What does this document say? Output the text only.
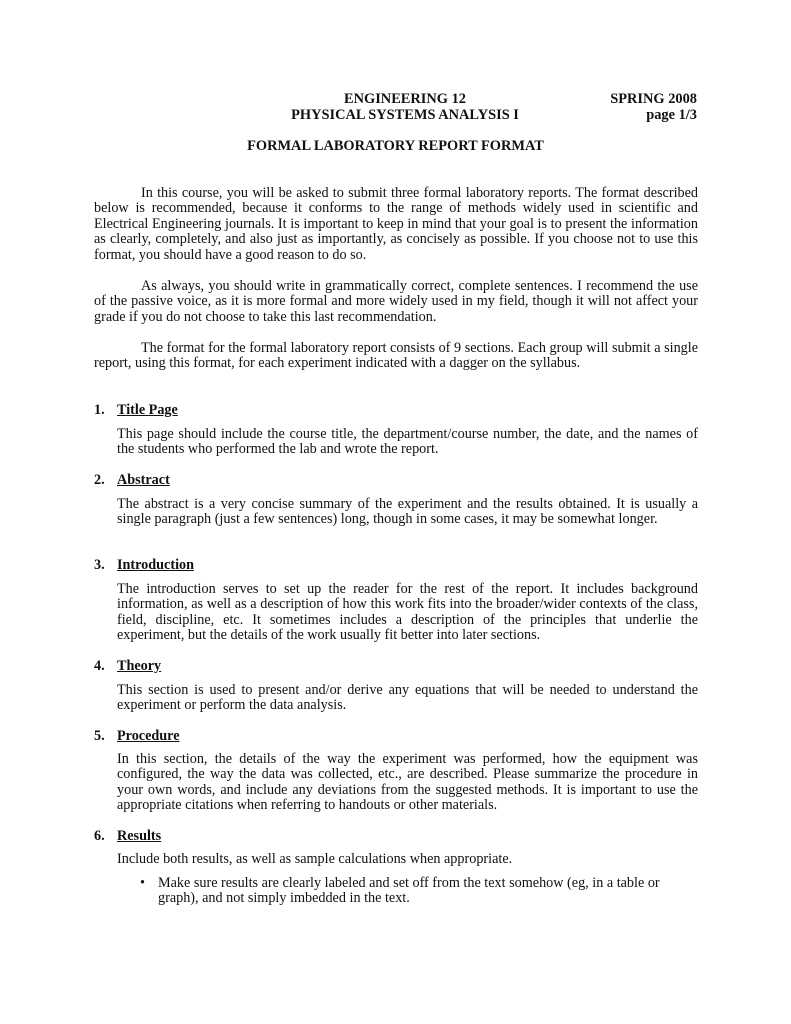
ENGINEERING 12
PHYSICAL SYSTEMS ANALYSIS I
SPRING 2008
page 1/3
FORMAL LABORATORY REPORT FORMAT

In this course, you will be asked to submit three formal laboratory reports. The format described below is recommended, because it conforms to the range of methods widely used in scientific and Electrical Engineering journals. It is important to keep in mind that your goal is to present the information as clearly, completely, and also just as importantly, as concisely as possible. If you choose not to use this format, you should have a good reason to do so.

As always, you should write in grammatically correct, complete sentences. I recommend the use of the passive voice, as it is more formal and more widely used in my field, though it will not affect your grade if you do not choose to take this last recommendation.

The format for the formal laboratory report consists of 9 sections. Each group will submit a single report, using this format, for each experiment indicated with a dagger on the syllabus.

1. Title Page

This page should include the course title, the department/course number, the date, and the names of the students who performed the lab and wrote the report.

2. Abstract

The abstract is a very concise summary of the experiment and the results obtained. It is usually a single paragraph (just a few sentences) long, though in some cases, it may be somewhat longer.

3. Introduction

The introduction serves to set up the reader for the rest of the report. It includes background information, as well as a description of how this work fits into the broader/wider contexts of the class, field, discipline, etc. It sometimes includes a description of the principles that underlie the experiment, but the details of the work usually fit better into later sections.

4. Theory

This section is used to present and/or derive any equations that will be needed to understand the experiment or perform the data analysis.

5. Procedure

In this section, the details of the way the experiment was performed, how the equipment was configured, the way the data was collected, etc., are described. Please summarize the procedure in your own words, and include any deviations from the suggested methods. It is important to use the appropriate citations when referring to handouts or other materials.

6. Results

Include both results, as well as sample calculations when appropriate.

• Make sure results are clearly labeled and set off from the text somehow (eg, in a table or graph), and not simply imbedded in the text.
